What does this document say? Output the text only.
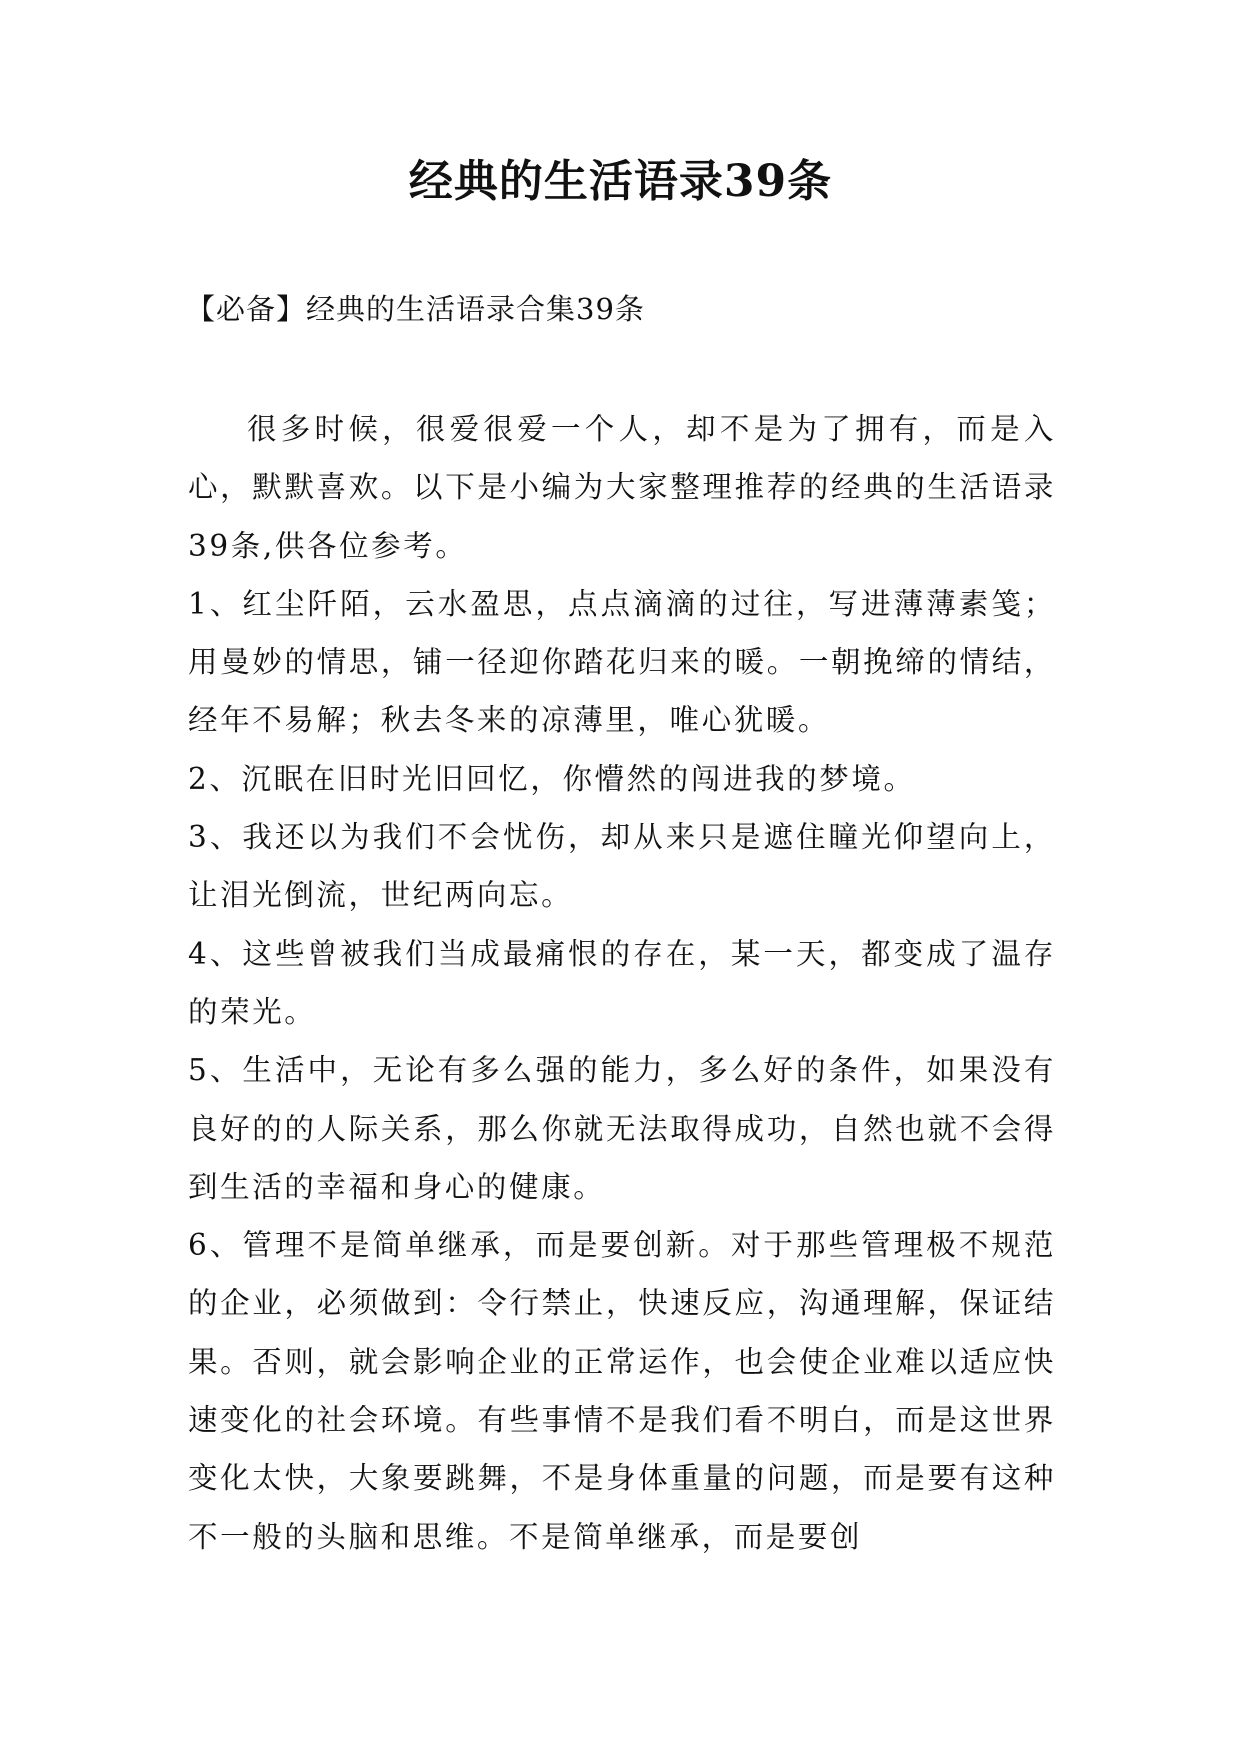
经典的生活语录39条
【必备】经典的生活语录合集39条

很多时候，很爱很爱一个人，却不是为了拥有，而是入心，默默喜欢。以下是小编为大家整理推荐的经典的生活语录39条,供各位参考。

1、红尘阡陌，云水盈思，点点滴滴的过往，写进薄薄素笺；用曼妙的情思，铺一径迎你踏花归来的暖。一朝挽缔的情结，经年不易解；秋去冬来的凉薄里，唯心犹暖。

2、沉眠在旧时光旧回忆，你懵然的闯进我的梦境。

3、我还以为我们不会忧伤，却从来只是遮住瞳光仰望向上，让泪光倒流，世纪两向忘。

4、这些曾被我们当成最痛恨的存在，某一天，都变成了温存的荣光。

5、生活中，无论有多么强的能力，多么好的条件，如果没有良好的的人际关系，那么你就无法取得成功，自然也就不会得到生活的幸福和身心的健康。

6、管理不是简单继承，而是要创新。对于那些管理极不规范的企业，必须做到：令行禁止，快速反应，沟通理解，保证结果。否则，就会影响企业的正常运作，也会使企业难以适应快速变化的社会环境。有些事情不是我们看不明白，而是这世界变化太快，大象要跳舞，不是身体重量的问题，而是要有这种不一般的头脑和思维。不是简单继承，而是要创
